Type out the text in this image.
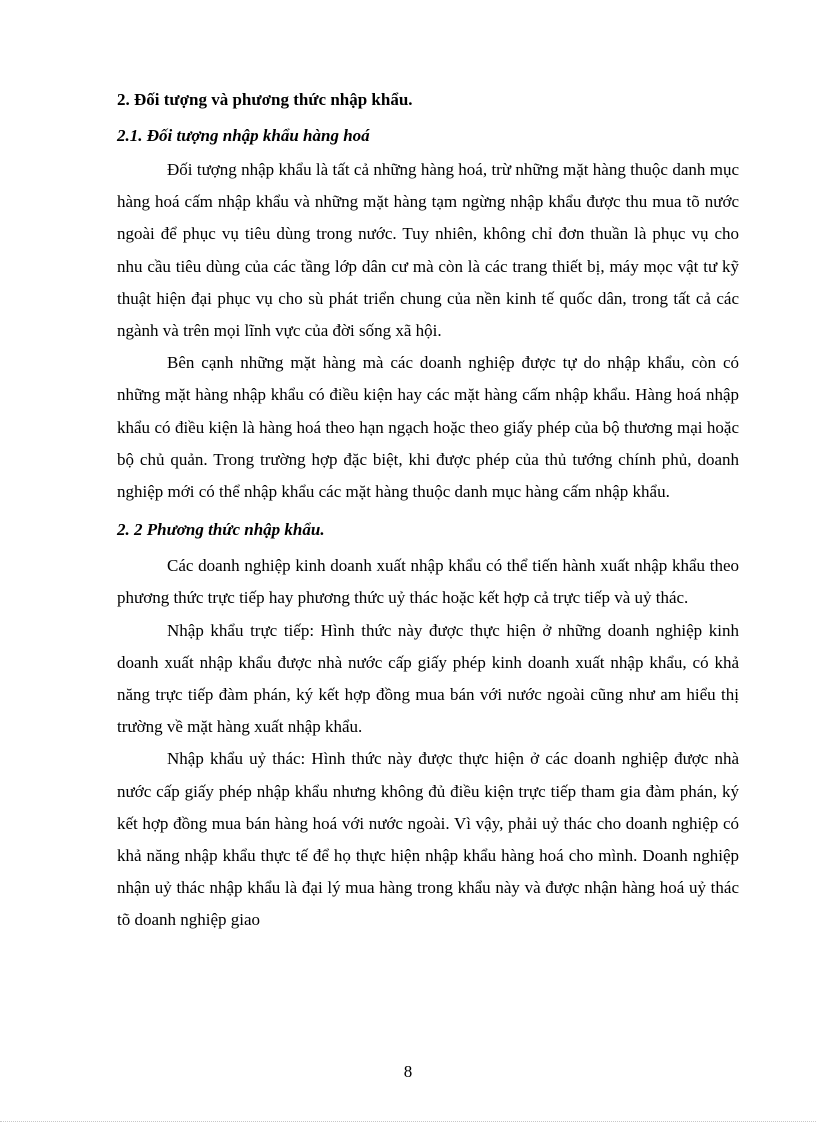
2. Đối tượng và phương thức nhập khẩu.

2.1. Đối tượng nhập khẩu hàng hoá

Đối tượng nhập khẩu là tất cả những hàng hoá, trừ những mặt hàng thuộc danh mục hàng hoá cấm nhập khẩu và những mặt hàng tạm ngừng nhập khẩu được thu mua tõ nước ngoài để phục vụ tiêu dùng trong nước. Tuy nhiên, không chỉ đơn thuần là phục vụ cho nhu cầu tiêu dùng của các tầng lớp dân cư mà còn là các trang thiết bị, máy mọc vật tư kỹ thuật hiện đại phục vụ cho sù phát triển chung của nền kinh tế quốc dân, trong tất cả các ngành và trên mọi lĩnh vực của đời sống xã hội.

Bên cạnh những mặt hàng mà các doanh nghiệp được tự do nhập khẩu, còn có những mặt hàng nhập khẩu có điều kiện hay các mặt hàng cấm nhập khẩu. Hàng hoá nhập khẩu có điều kiện là hàng hoá theo hạn ngạch hoặc theo giấy phép của bộ thương mại hoặc bộ chủ quản. Trong trường hợp đặc biệt, khi được phép của thủ tướng chính phủ, doanh nghiệp mới có thể nhập khẩu các mặt hàng thuộc danh mục hàng cấm nhập khẩu.

2. 2 Phương thức nhập khẩu.

Các doanh nghiệp kinh doanh xuất nhập khẩu có thể tiến hành xuất nhập khẩu theo phương thức trực tiếp hay phương thức uỷ thác hoặc kết hợp cả trực tiếp và uỷ thác.

Nhập khẩu trực tiếp: Hình thức này được thực hiện ở những doanh nghiệp kinh doanh xuất nhập khẩu được nhà nước cấp giấy phép kinh doanh xuất nhập khẩu, có khả năng trực tiếp đàm phán, ký kết hợp đồng mua bán với nước ngoài cũng như am hiểu thị trường về mặt hàng xuất nhập khẩu.

Nhập khẩu uỷ thác: Hình thức này được thực hiện ở các doanh nghiệp được nhà nước cấp giấy phép nhập khẩu nhưng không đủ điều kiện trực tiếp tham gia đàm phán, ký kết hợp đồng mua bán hàng hoá với nước ngoài. Vì vậy, phải uỷ thác cho doanh nghiệp có khả năng nhập khẩu thực tế để họ thực hiện nhập khẩu hàng hoá cho mình. Doanh nghiệp nhận uỷ thác nhập khẩu là đại lý mua hàng trong khẩu này và được nhận hàng hoá uỷ thác tõ doanh nghiệp giao

8
